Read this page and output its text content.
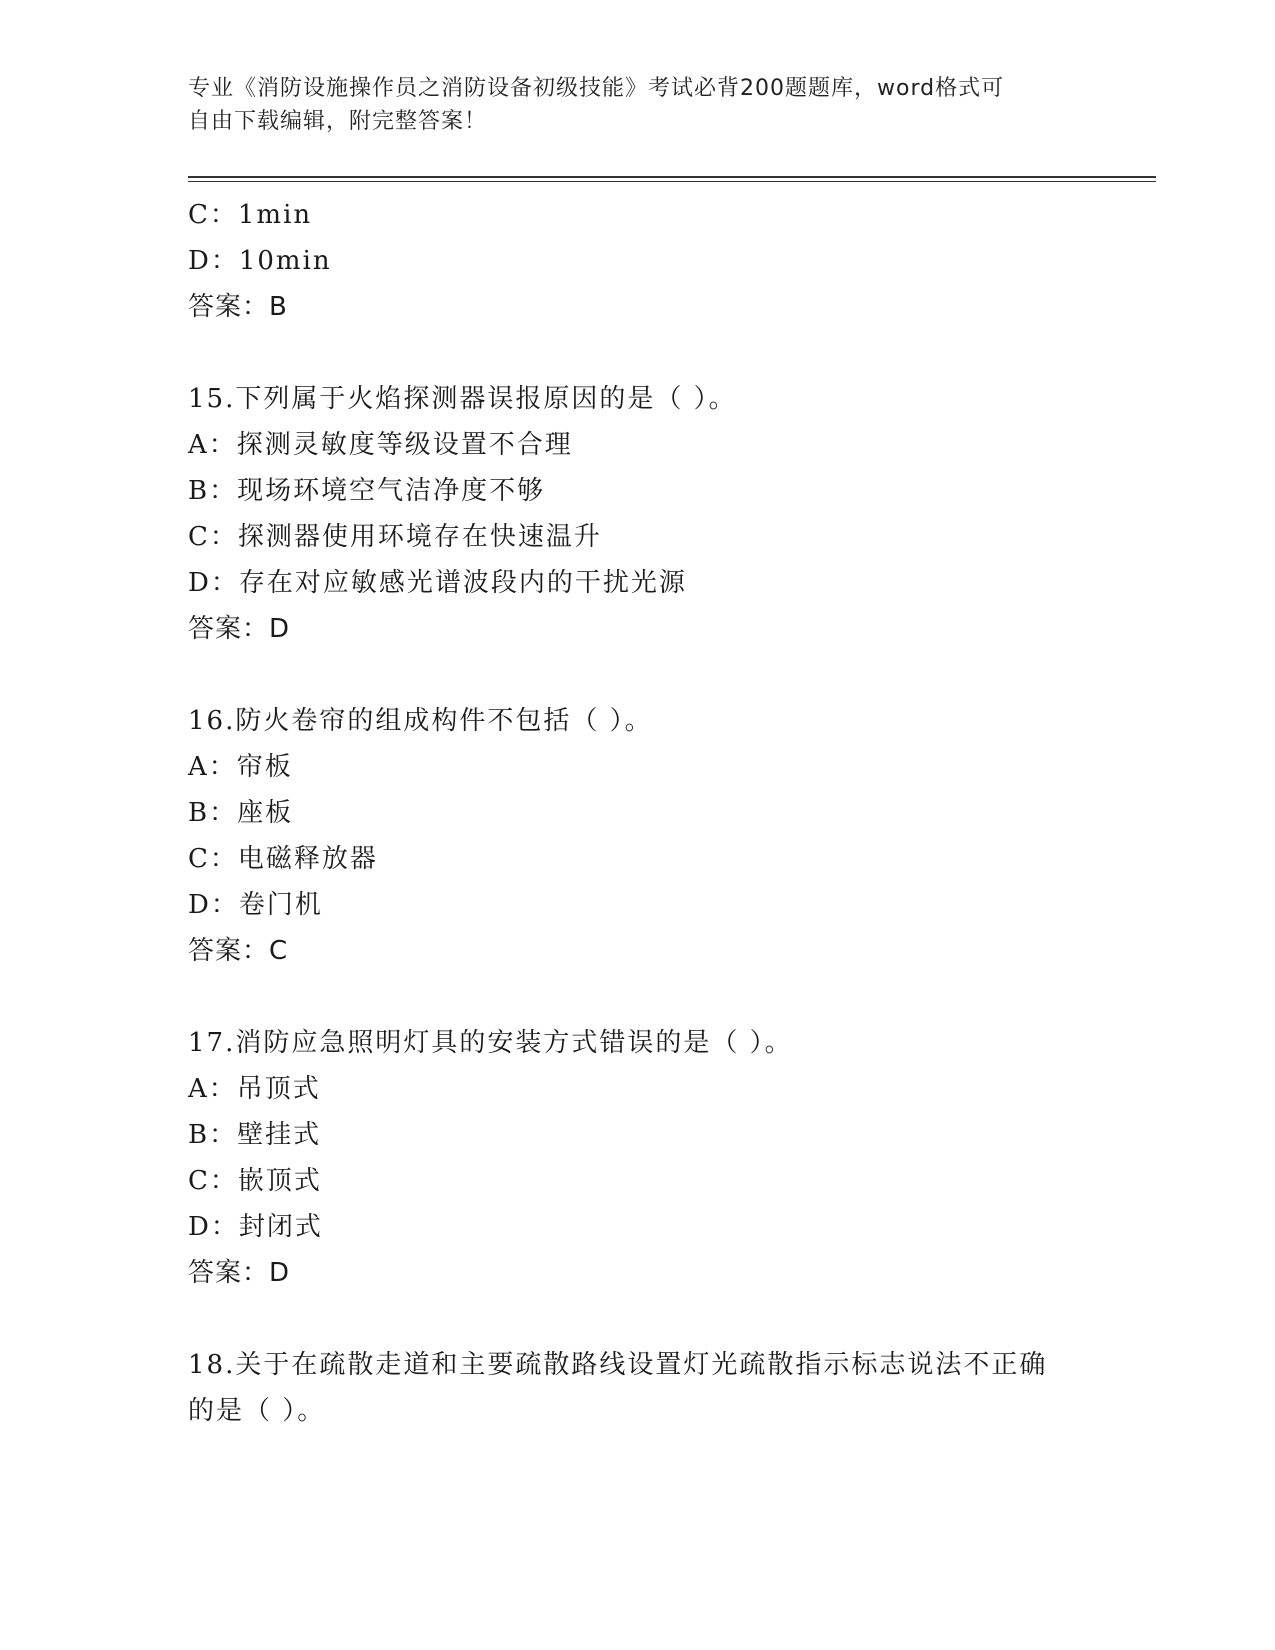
专业《消防设施操作员之消防设备初级技能》考试必背200题题库，word格式可
自由下载编辑，附完整答案！
C：1min
D：10min
答案：B
15.下列属于火焰探测器误报原因的是（ ）。
A：探测灵敏度等级设置不合理
B：现场环境空气洁净度不够
C：探测器使用环境存在快速温升
D：存在对应敏感光谱波段内的干扰光源
答案：D
16.防火卷帘的组成构件不包括（ ）。
A：帘板
B：座板
C：电磁释放器
D：卷门机
答案：C
17.消防应急照明灯具的安装方式错误的是（ ）。
A：吊顶式
B：壁挂式
C：嵌顶式
D：封闭式
答案：D
18.关于在疏散走道和主要疏散路线设置灯光疏散指示标志说法不正确
的是（ ）。
